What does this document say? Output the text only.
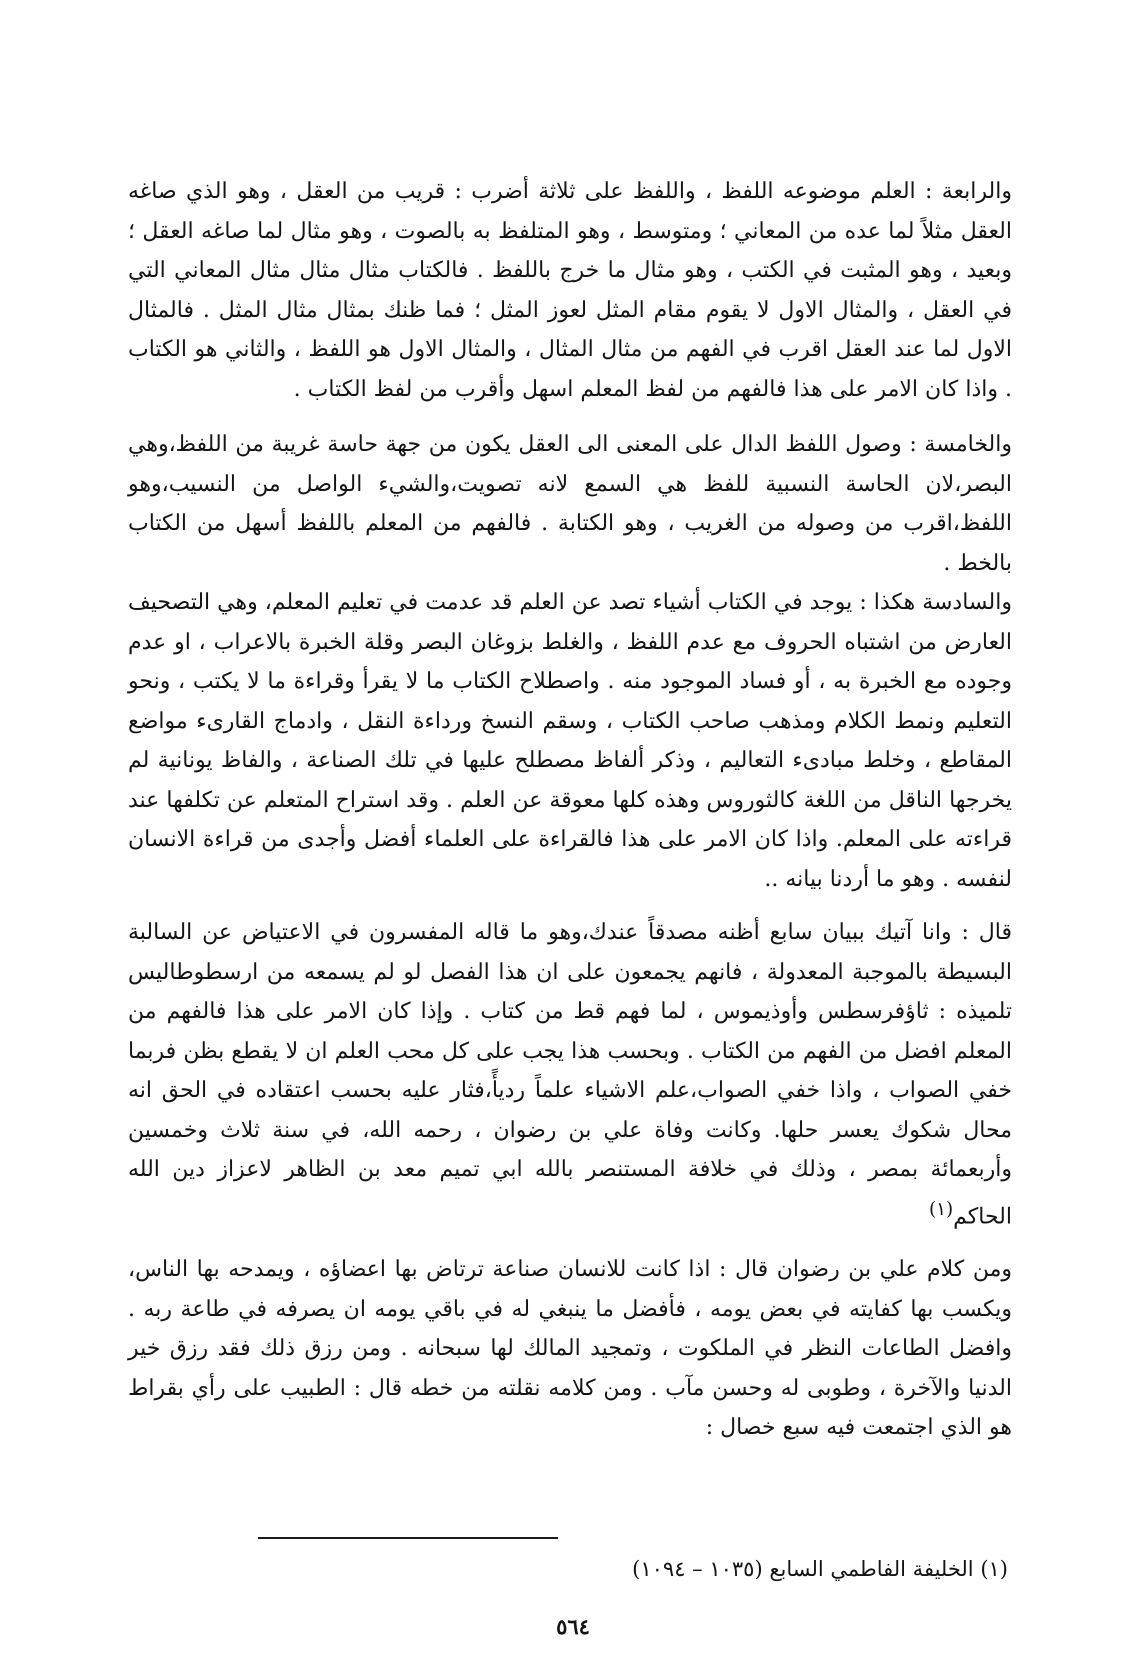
والرابعة : العلم موضوعه اللفظ ، واللفظ على ثلاثة أضرب : قريب من العقل ، وهو الذي صاغه العقل مثلاً لما عده من المعاني ؛ ومتوسط ، وهو المتلفظ به بالصوت ، وهو مثال لما صاغه العقل ؛ وبعيد ، وهو المثبت في الكتب ، وهو مثال ما خرج باللفظ . فالكتاب مثال مثال مثال المعاني التي في العقل ، والمثال الاول لا يقوم مقام المثل لعوز المثل ؛ فما ظنك بمثال مثال المثل . فالمثال الاول لما عند العقل اقرب في الفهم من مثال المثال ، والمثال الاول هو اللفظ ، والثاني هو الكتاب . واذا كان الامر على هذا فالفهم من لفظ المعلم اسهل وأقرب من لفظ الكتاب .

والخامسة : وصول اللفظ الدال على المعنى الى العقل يكون من جهة حاسة غريبة من اللفظ،وهي البصر،لان الحاسة النسبية للفظ هي السمع لانه تصويت،والشيء الواصل من النسيب،وهو اللفظ،اقرب من وصوله من الغريب ، وهو الكتابة . فالفهم من المعلم باللفظ أسهل من الكتاب بالخط .

والسادسة هكذا : يوجد في الكتاب أشياء تصد عن العلم قد عدمت في تعليم المعلم، وهي التصحيف العارض من اشتباه الحروف مع عدم اللفظ ، والغلط بزوغان البصر وقلة الخبرة بالاعراب ، او عدم وجوده مع الخبرة به ، أو فساد الموجود منه . واصطلاح الكتاب ما لا يقرأ وقراءة ما لا يكتب ، ونحو التعليم ونمط الكلام ومذهب صاحب الكتاب ، وسقم النسخ ورداءة النقل ، وادماج القارىء مواضع المقاطع ، وخلط مبادىء التعاليم ، وذكر ألفاظ مصطلح عليها في تلك الصناعة ، والفاظ يونانية لم يخرجها الناقل من اللغة كالثوروس وهذه كلها معوقة عن العلم . وقد استراح المتعلم عن تكلفها عند قراءته على المعلم. واذا كان الامر على هذا فالقراءة على العلماء أفضل وأجدى من قراءة الانسان لنفسه . وهو ما أردنا بيانه ..

قال : وانا آتيك ببيان سابع أظنه مصدقاً عندك،وهو ما قاله المفسرون في الاعتياض عن السالبة البسيطة بالموجبة المعدولة ، فانهم يجمعون على ان هذا الفصل لو لم يسمعه من ارسطوطاليس تلميذه : ثاؤفرسطس وأوذيموس ، لما فهم قط من كتاب . وإذا كان الامر على هذا فالفهم من المعلم افضل من الفهم من الكتاب . وبحسب هذا يجب على كل محب العلم ان لا يقطع بظن فربما خفي الصواب ، واذا خفي الصواب،علم الاشياء علماً رديأً،فثار عليه بحسب اعتقاده في الحق انه محال شكوك يعسر حلها. وكانت وفاة علي بن رضوان ، رحمه الله، في سنة ثلاث وخمسين وأربعمائة بمصر ، وذلك في خلافة المستنصر بالله ابي تميم معد بن الظاهر لاعزاز دين الله الحاكم$^{(١)}$

ومن كلام علي بن رضوان قال : اذا كانت للانسان صناعة ترتاض بها اعضاؤه ، ويمدحه بها الناس، ويكسب بها كفايته في بعض يومه ، فأفضل ما ينبغي له في باقي يومه ان يصرفه في طاعة ربه . وافضل الطاعات النظر في الملكوت ، وتمجيد المالك لها سبحانه . ومن رزق ذلك فقد رزق خير الدنيا والآخرة ، وطوبى له وحسن مآب . ومن كلامه نقلته من خطه قال : الطبيب على رأي بقراط هو الذي اجتمعت فيه سبع خصال :

(١) الخليفة الفاطمي السابع (١٠٣٥ – ١٠٩٤)
٥٦٤
